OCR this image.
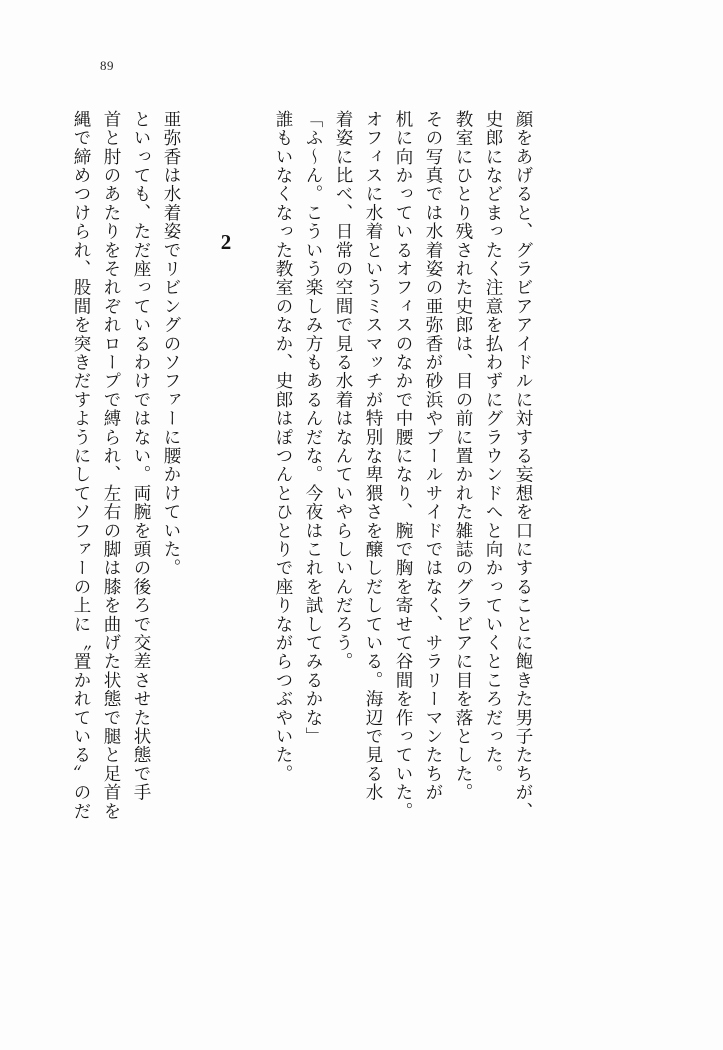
89
縄で締めつけられ、股間を突きだすようにしてソファーの上に〝置かれている〟のだ 首と肘のあたりをそれぞれロープで縛られ、左右の脚は膝を曲げた状態で腿と足首を といっても、ただ座っているわけではない。両腕を頭の後ろで交差させた状態で手 亜弥香は水着姿でリビングのソファーに腰かけていた。	2	誰もいなくなった教室のなか、史郎はぽつんとひとりで座りながらつぶやいた。 「ふ～ん。こういう楽しみ方もあるんだな。今夜はこれを試してみるかな」 着姿に比べ、日常の空間で見る水着はなんていやらしいんだろう。 オフィスに水着というミスマッチが特別な卑猥さを醸しだしている。海辺で見る水 机に向かっているオフィスのなかで中腰になり、腕で胸を寄せて谷間を作っていた。 その写真では水着姿の亜弥香が砂浜やプールサイドではなく、サラリーマンたちが 教室にひとり残された史郎は、目の前に置かれた雑誌のグラビアに目を落とした。 史郎になどまったく注意を払わずにグラウンドへと向かっていくところだった。 顔をあげると、グラビアアイドルに対する妄想を口にすることに飽きた男子たちが、
